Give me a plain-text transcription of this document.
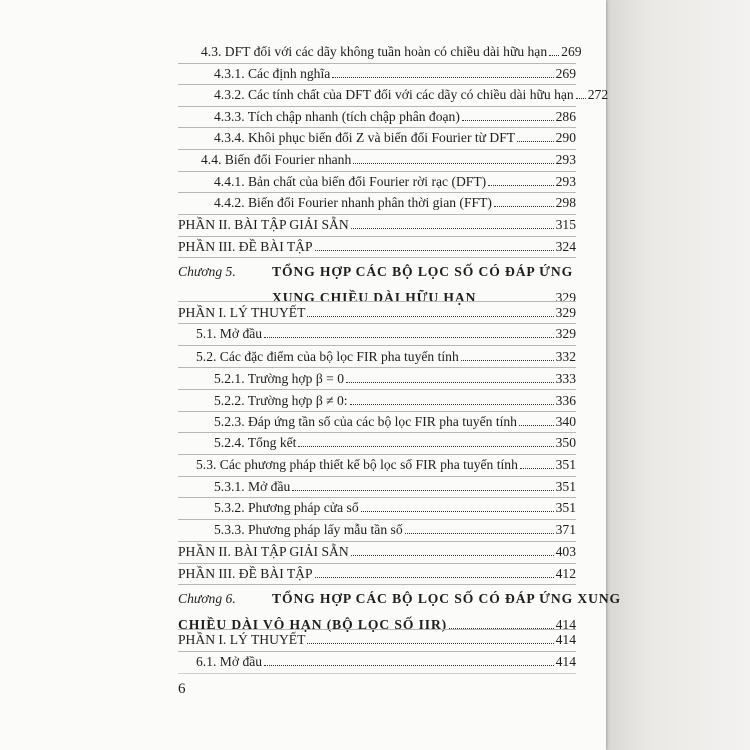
4.3. DFT đối với các dãy không tuần hoàn có chiều dài hữu hạn 269
4.3.1. Các định nghĩa	269
4.3.2. Các tính chất của DFT đối với các dãy có chiều dài hữu hạn 272
4.3.3. Tích chập nhanh (tích chập phân đoạn)	286
4.3.4. Khôi phục biến đổi Z và biến đổi Fourier từ DFT	290
4.4. Biến đổi Fourier nhanh	293
4.4.1. Bản chất của biến đổi Fourier rời rạc (DFT)	293
4.4.2. Biến đổi Fourier nhanh phân thời gian (FFT)	298
PHẦN II. BÀI TẬP GIẢI SẴN	315
PHẦN III. ĐỀ BÀI TẬP	324
Chương 5.	TỔNG HỢP CÁC BỘ LỌC SỐ CÓ ĐÁP ỨNG
XUNG CHIỀU DÀI HỮU HẠN	329
PHẦN I. LÝ THUYẾT	329
5.1. Mở đầu	329
5.2. Các đặc điểm của bộ lọc FIR pha tuyến tính	332
5.2.1. Trường hợp β = 0	333
5.2.2. Trường hợp β ≠ 0:	336
5.2.3. Đáp ứng tần số của các bộ lọc FIR pha tuyến tính	340
5.2.4. Tổng kết	350
5.3. Các phương pháp thiết kế bộ lọc số FIR pha tuyến tính	351
5.3.1. Mở đầu	351
5.3.2. Phương pháp cửa sổ	351
5.3.3. Phương pháp lấy mẫu tần số	371
PHẦN II. BÀI TẬP GIẢI SẴN	403
PHẦN III. ĐỀ BÀI TẬP	412
Chương 6.	TỔNG HỢP CÁC BỘ LỌC SỐ CÓ ĐÁP ỨNG XUNG
CHIỀU DÀI VÔ HẠN (BỘ LỌC SỐ IIR)	414
PHẦN I. LÝ THUYẾT	414
6.1. Mở đầu	414
6
